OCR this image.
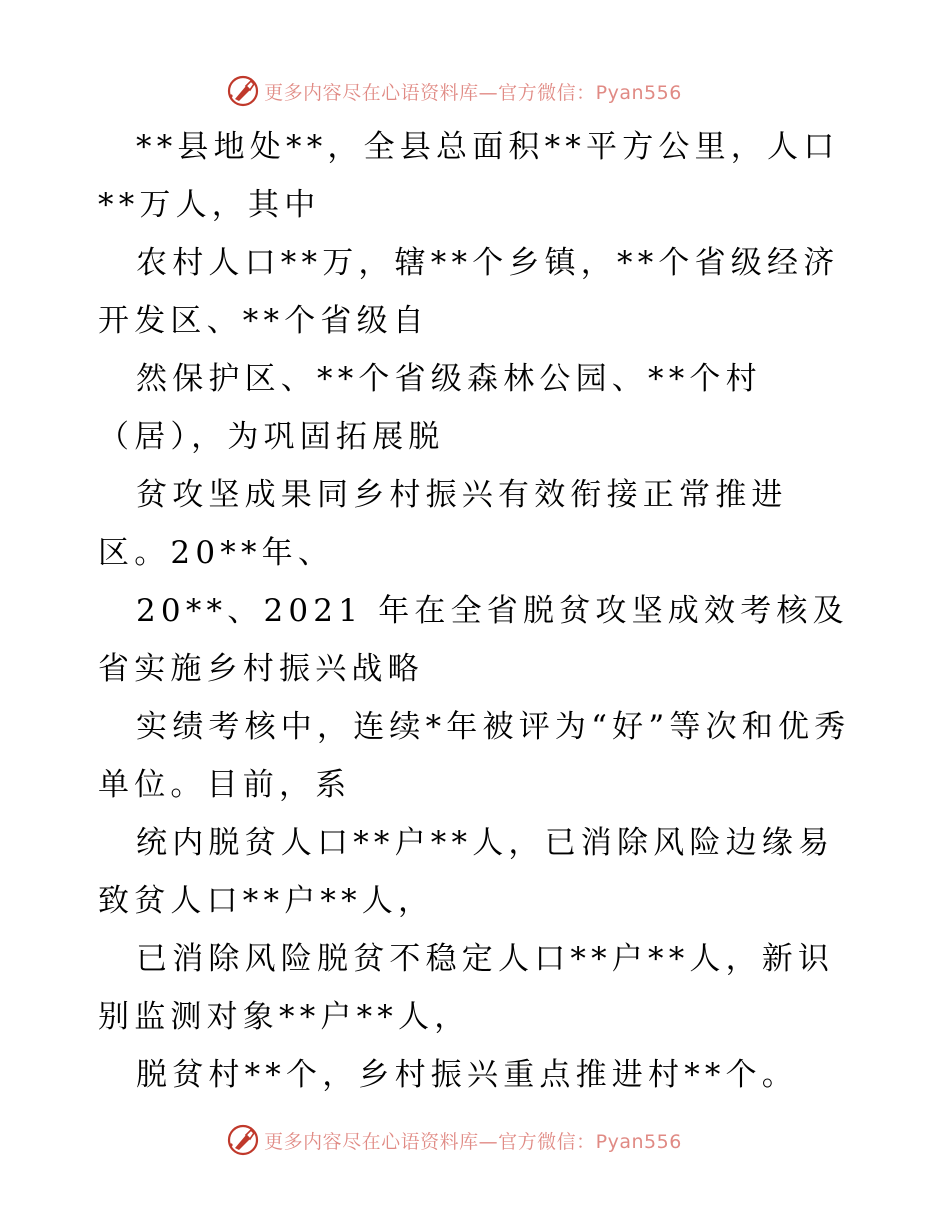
更多内容尽在心语资料库—官方微信：Pyan556

**县地处**，全县总面积**平方公里，人口**万人，其中

农村人口**万，辖**个乡镇，**个省级经济开发区、**个省级自

然保护区、**个省级森林公园、**个村（居），为巩固拓展脱

贫攻坚成果同乡村振兴有效衔接正常推进区。20**年、

20**、2021 年在全省脱贫攻坚成效考核及省实施乡村振兴战略

实绩考核中，连续*年被评为“好”等次和优秀单位。目前，系

统内脱贫人口**户**人，已消除风险边缘易致贫人口**户**人，

已消除风险脱贫不稳定人口**户**人，新识别监测对象**户**人，

脱贫村**个，乡村振兴重点推进村**个。

更多内容尽在心语资料库—官方微信：Pyan556
